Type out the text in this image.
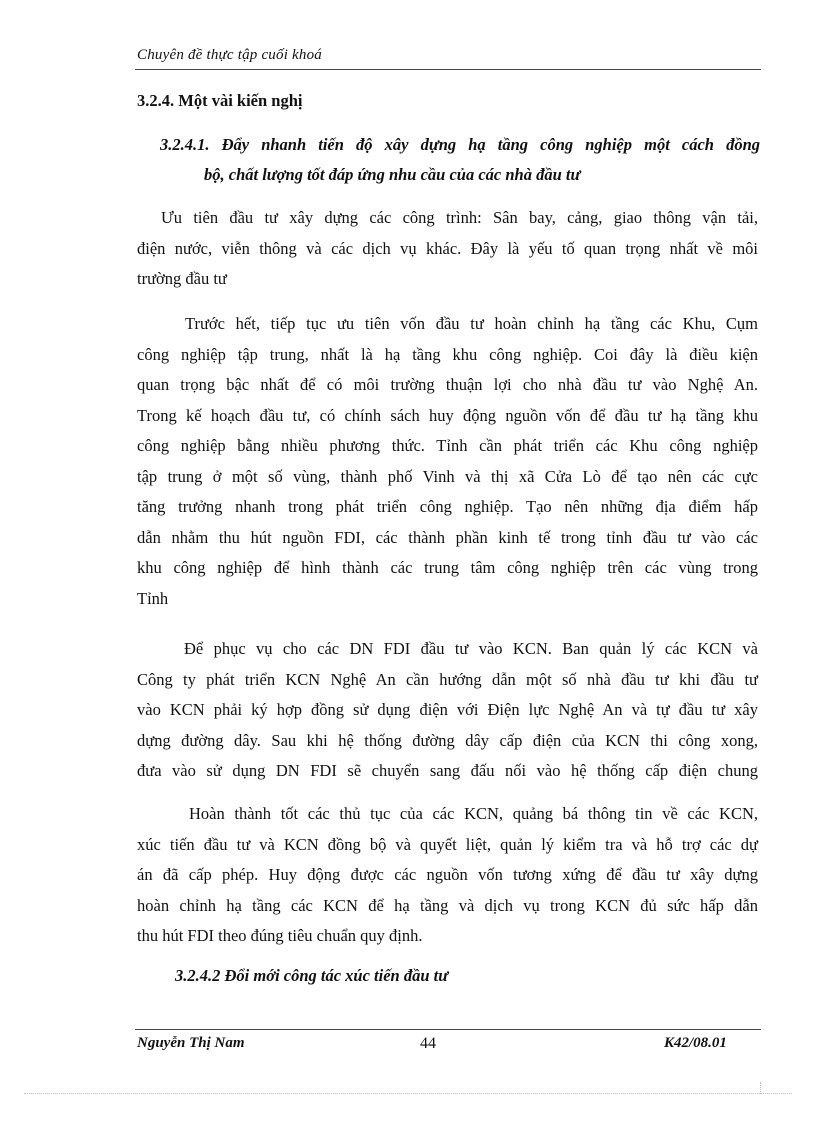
Chuyên đề thực tập cuối khoá
3.2.4. Một vài kiến nghị
3.2.4.1. Đẩy nhanh tiến độ xây dựng hạ tầng công nghiệp một cách đồng
bộ, chất lượng tốt đáp ứng nhu cầu của các nhà đầu tư
Ưu tiên đầu tư xây dựng các công trình: Sân bay, cảng, giao thông vận tải,
điện nước, viễn thông và các dịch vụ khác. Đây là yếu tố quan trọng nhất về môi
trường đầu tư
Trước hết, tiếp tục ưu tiên vốn đầu tư hoàn chỉnh hạ tầng các Khu, Cụm
công nghiệp tập trung, nhất là hạ tầng khu công nghiệp. Coi đây là điều kiện
quan trọng bậc nhất để có môi trường thuận lợi cho nhà đầu tư vào Nghệ An.
Trong kế hoạch đầu tư, có chính sách huy động nguồn vốn để đầu tư hạ tầng khu
công nghiệp bằng nhiều phương thức. Tỉnh cần phát triển các Khu công nghiệp
tập trung ở một số vùng, thành phố Vinh và thị xã Cửa Lò để tạo nên các cực
tăng trưởng nhanh trong phát triển công nghiệp. Tạo nên những địa điểm hấp
dẫn nhằm thu hút nguồn FDI, các thành phần kinh tế trong tỉnh đầu tư vào các
khu công nghiệp để hình thành các trung tâm công nghiệp trên các vùng trong
Tỉnh
Để phục vụ cho các DN FDI đầu tư vào KCN. Ban quản lý các KCN và
Công ty phát triển KCN Nghệ An cần hướng dẫn một số nhà đầu tư khi đầu tư
vào KCN phải ký hợp đồng sử dụng điện với Điện lực Nghệ An và tự đầu tư xây
dựng đường dây. Sau khi hệ thống đường dây cấp điện của KCN thi công xong,
đưa vào sử dụng DN FDI sẽ chuyển sang đấu nối vào hệ thống cấp điện chung
Hoàn thành tốt các thủ tục của các KCN, quảng bá thông tin về các KCN,
xúc tiến đầu tư và KCN đồng bộ và quyết liệt, quản lý kiểm tra và hỗ trợ các dự
án đã cấp phép. Huy động được các nguồn vốn tương xứng để đầu tư xây dựng
hoàn chỉnh hạ tầng các KCN để hạ tầng và dịch vụ trong KCN đủ sức hấp dẫn
thu hút FDI theo đúng tiêu chuẩn quy định.
3.2.4.2 Đổi mới công tác xúc tiến đầu tư
Nguyễn Thị Nam	44	K42/08.01
